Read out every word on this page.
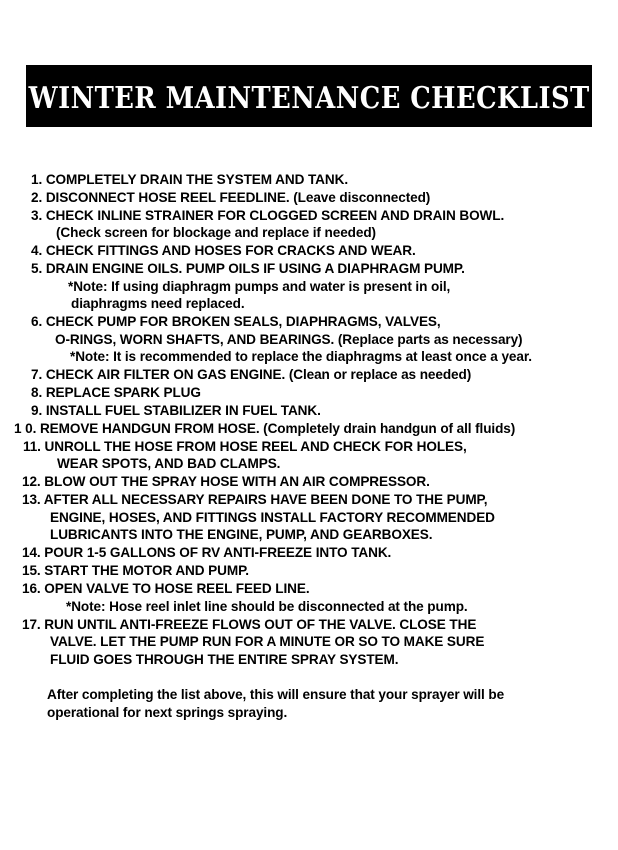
WINTER MAINTENANCE CHECKLIST
1. COMPLETELY DRAIN THE SYSTEM AND TANK.
2. DISCONNECT HOSE REEL FEEDLINE. (Leave disconnected)
3. CHECK INLINE STRAINER FOR CLOGGED SCREEN AND DRAIN BOWL.
(Check screen for blockage and replace if needed)
4. CHECK FITTINGS AND HOSES FOR CRACKS AND WEAR.
5. DRAIN ENGINE OILS. PUMP OILS IF USING A DIAPHRAGM PUMP.
*Note: If using diaphragm pumps and water is present in oil,
diaphragms need replaced.
6. CHECK PUMP FOR BROKEN SEALS, DIAPHRAGMS, VALVES,
O-RINGS, WORN SHAFTS, AND BEARINGS. (Replace parts as necessary)
*Note: It is recommended to replace the diaphragms at least once a year.
7. CHECK AIR FILTER ON GAS ENGINE. (Clean or replace as needed)
8. REPLACE SPARK PLUG
9. INSTALL FUEL STABILIZER IN FUEL TANK.
1 0. REMOVE HANDGUN FROM HOSE. (Completely drain handgun of all fluids)
11. UNROLL THE HOSE FROM HOSE REEL AND CHECK FOR HOLES,
WEAR SPOTS, AND BAD CLAMPS.
12. BLOW OUT THE SPRAY HOSE WITH AN AIR COMPRESSOR.
13. AFTER ALL NECESSARY REPAIRS HAVE BEEN DONE TO THE PUMP,
ENGINE, HOSES, AND FITTINGS INSTALL FACTORY RECOMMENDED
LUBRICANTS INTO THE ENGINE, PUMP, AND GEARBOXES.
14. POUR 1-5 GALLONS OF RV ANTI-FREEZE INTO TANK.
15. START THE MOTOR AND PUMP.
16. OPEN VALVE TO HOSE REEL FEED LINE.
*Note: Hose reel inlet line should be disconnected at the pump.
17. RUN UNTIL ANTI-FREEZE FLOWS OUT OF THE VALVE. CLOSE THE
VALVE. LET THE PUMP RUN FOR A MINUTE OR SO TO MAKE SURE
FLUID GOES THROUGH THE ENTIRE SPRAY SYSTEM.
After completing the list above, this will ensure that your sprayer will be
operational for next springs spraying.
